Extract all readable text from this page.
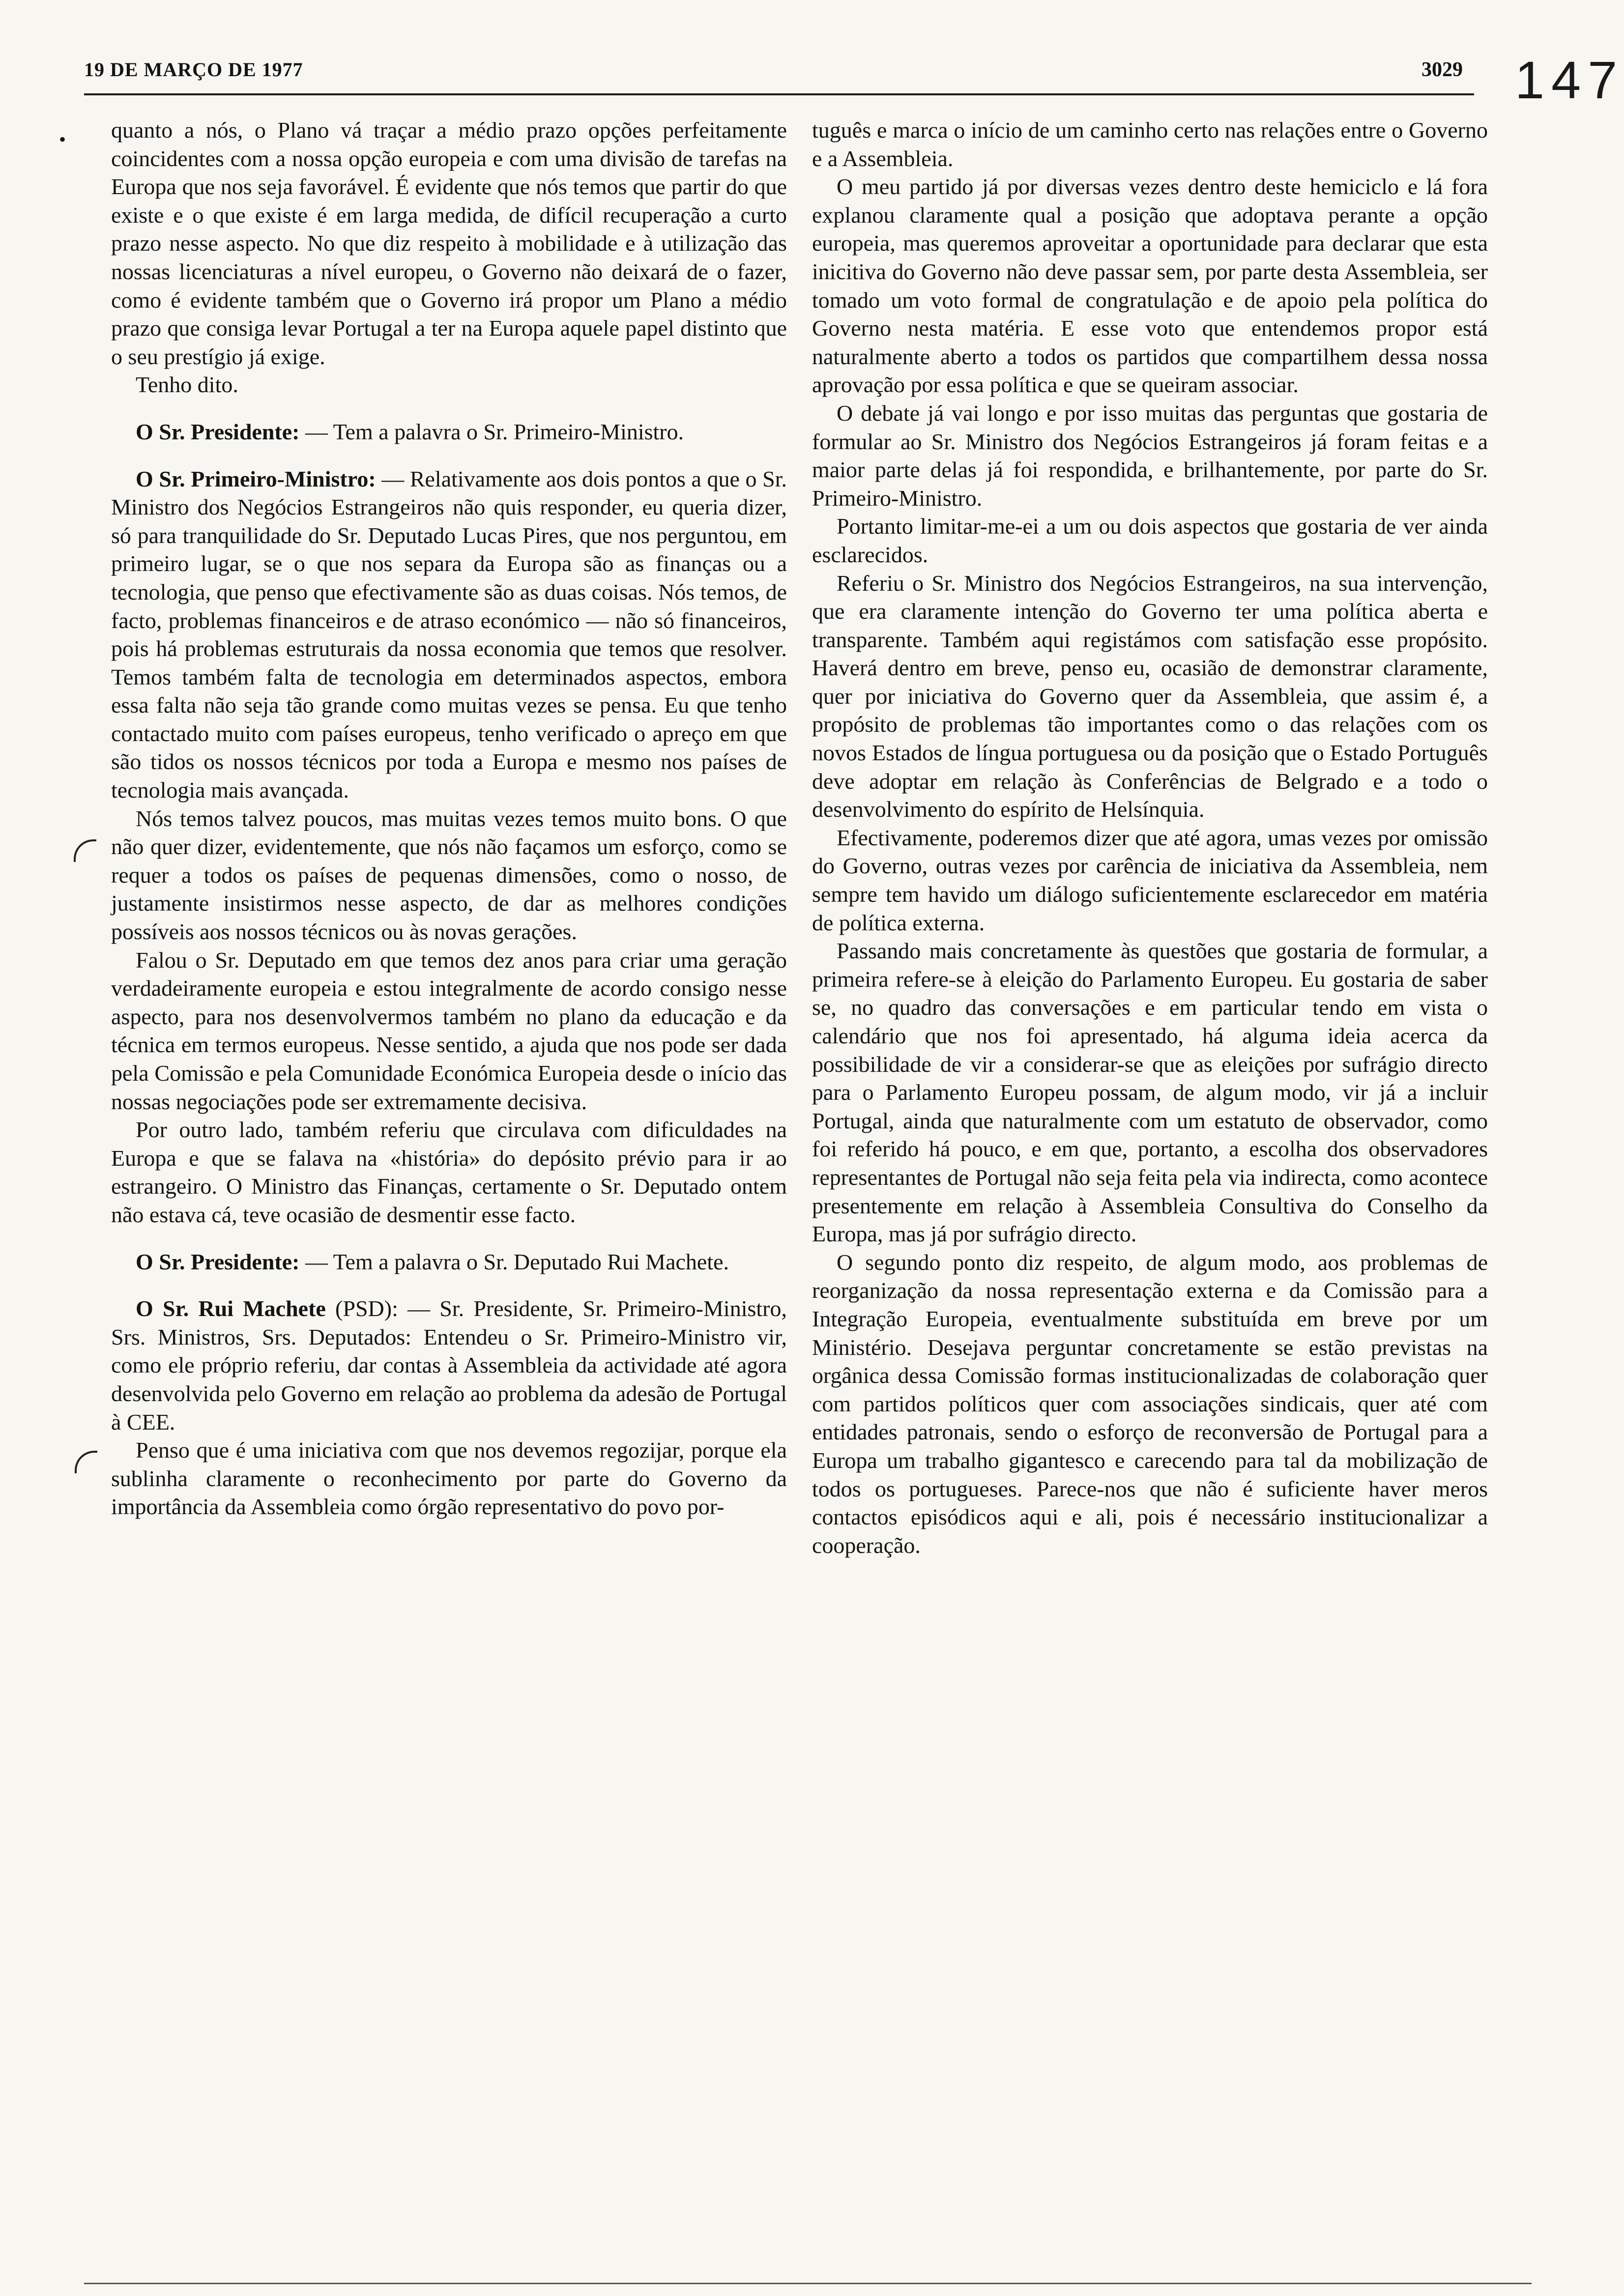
19 DE MARÇO DE 1977	3029 147
• quanto a nós, o Plano vá traçar a médio prazo opções perfeitamente coincidentes com a nossa opção europeia e com uma divisão de tarefas na Europa que nos seja favorável. É evidente que nós temos que partir do que existe e o que existe é em larga medida, de difícil recuperação a curto prazo nesse aspecto. No que diz respeito à mobilidade e à utilização das nossas licenciaturas a nível europeu, o Governo não deixará de o fazer, como é evidente também que o Governo irá propor um Plano a médio prazo que consiga levar Portugal a ter na Europa aquele papel distinto que o seu prestígio já exige.

Tenho dito.

O Sr. Presidente: — Tem a palavra o Sr. Primeiro-Ministro.

O Sr. Primeiro-Ministro: — Relativamente aos dois pontos a que o Sr. Ministro dos Negócios Estrangeiros não quis responder, eu queria dizer, só para tranquilidade do Sr. Deputado Lucas Pires, que nos perguntou, em primeiro lugar, se o que nos separa da Europa são as finanças ou a tecnologia, que penso que efectivamente são as duas coisas. Nós temos, de facto, problemas financeiros e de atraso económico — não só financeiros, pois há problemas estruturais da nossa economia que temos que resolver. Temos também falta de tecnologia em determinados aspectos, embora essa falta não seja tão grande como muitas vezes se pensa. Eu que tenho contactado muito com países europeus, tenho verificado o apreço em que são tidos os nossos técnicos por toda a Europa e mesmo nos países de tecnologia mais avançada.

Nós temos talvez poucos, mas muitas vezes temos muito bons. O que não quer dizer, evidentemente, que nós não façamos um esforço, como se requer a todos os países de pequenas dimensões, como o nosso, de justamente insistirmos nesse aspecto, de dar as melhores condições possíveis aos nossos técnicos ou às novas gerações.

Falou o Sr. Deputado em que temos dez anos para criar uma geração verdadeiramente europeia e estou integralmente de acordo consigo nesse aspecto, para nos desenvolvermos também no plano da educação e da técnica em termos europeus. Nesse sentido, a ajuda que nos pode ser dada pela Comissão e pela Comunidade Económica Europeia desde o início das nossas negociações pode ser extremamente decisiva.

Por outro lado, também referiu que circulava com dificuldades na Europa e que se falava na «história» do depósito prévio para ir ao estrangeiro. O Ministro das Finanças, certamente o Sr. Deputado ontem não estava cá, teve ocasião de desmentir esse facto.

O Sr. Presidente: — Tem a palavra o Sr. Deputado Rui Machete.

O Sr. Rui Machete (PSD): — Sr. Presidente, Sr. Primeiro-Ministro, Srs. Ministros, Srs. Deputados: Entendeu o Sr. Primeiro-Ministro vir, como ele próprio referiu, dar contas à Assembleia da actividade até agora desenvolvida pelo Governo em relação ao problema da adesão de Portugal à CEE.

Penso que é uma iniciativa com que nos devemos regozijar, porque ela sublinha claramente o reconhecimento por parte do Governo da importância da Assembleia como órgão representativo do povo por-

tuguês e marca o início de um caminho certo nas relações entre o Governo e a Assembleia.

O meu partido já por diversas vezes dentro deste hemiciclo e lá fora explanou claramente qual a posição que adoptava perante a opção europeia, mas queremos aproveitar a oportunidade para declarar que esta inicitiva do Governo não deve passar sem, por parte desta Assembleia, ser tomado um voto formal de congratulação e de apoio pela política do Governo nesta matéria. E esse voto que entendemos propor está naturalmente aberto a todos os partidos que compartilhem dessa nossa aprovação por essa política e que se queiram associar.

O debate já vai longo e por isso muitas das perguntas que gostaria de formular ao Sr. Ministro dos Negócios Estrangeiros já foram feitas e a maior parte delas já foi respondida, e brilhantemente, por parte do Sr. Primeiro-Ministro.

Portanto limitar-me-ei a um ou dois aspectos que gostaria de ver ainda esclarecidos.

Referiu o Sr. Ministro dos Negócios Estrangeiros, na sua intervenção, que era claramente intenção do Governo ter uma política aberta e transparente. Também aqui registámos com satisfação esse propósito. Haverá dentro em breve, penso eu, ocasião de demonstrar claramente, quer por iniciativa do Governo quer da Assembleia, que assim é, a propósito de problemas tão importantes como o das relações com os novos Estados de língua portuguesa ou da posição que o Estado Português deve adoptar em relação às Conferências de Belgrado e a todo o desenvolvimento do espírito de Helsínquia.

Efectivamente, poderemos dizer que até agora, umas vezes por omissão do Governo, outras vezes por carência de iniciativa da Assembleia, nem sempre tem havido um diálogo suficientemente esclarecedor em matéria de política externa.

Passando mais concretamente às questões que gostaria de formular, a primeira refere-se à eleição do Parlamento Europeu. Eu gostaria de saber se, no quadro das conversações e em particular tendo em vista o calendário que nos foi apresentado, há alguma ideia acerca da possibilidade de vir a considerar-se que as eleições por sufrágio directo para o Parlamento Europeu possam, de algum modo, vir já a incluir Portugal, ainda que naturalmente com um estatuto de observador, como foi referido há pouco, e em que, portanto, a escolha dos observadores representantes de Portugal não seja feita pela via indirecta, como acontece presentemente em relação à Assembleia Consultiva do Conselho da Europa, mas já por sufrágio directo.

O segundo ponto diz respeito, de algum modo, aos problemas de reorganização da nossa representação externa e da Comissão para a Integração Europeia, eventualmente substituída em breve por um Ministério. Desejava perguntar concretamente se estão previstas na orgânica dessa Comissão formas institucionalizadas de colaboração quer com partidos políticos quer com associações sindicais, quer até com entidades patronais, sendo o esforço de reconversão de Portugal para a Europa um trabalho gigantesco e carecendo para tal da mobilização de todos os portugueses. Parece-nos que não é suficiente haver meros contactos episódicos aqui e ali, pois é necessário institucionalizar a cooperação.
